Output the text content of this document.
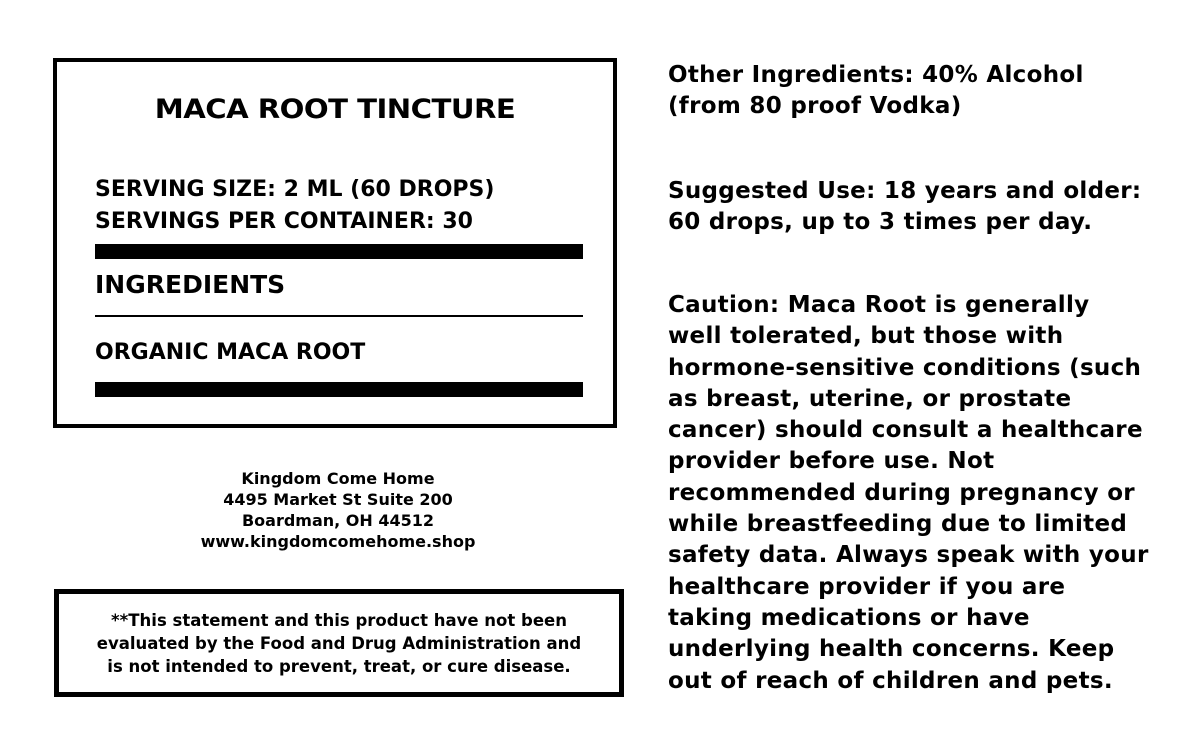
MACA ROOT TINCTURE
SERVING SIZE: 2 ML (60 DROPS)
SERVINGS PER CONTAINER: 30
INGREDIENTS
ORGANIC MACA ROOT
Kingdom Come Home
4495 Market St Suite 200
Boardman, OH 44512
www.kingdomcomehome.shop
**This statement and this product have not been
evaluated by the Food and Drug Administration and
is not intended to prevent, treat, or cure disease.

Other Ingredients: 40% Alcohol
(from 80 proof Vodka)

Suggested Use: 18 years and older:
60 drops, up to 3 times per day.

Caution: Maca Root is generally
well tolerated, but those with
hormone-sensitive conditions (such
as breast, uterine, or prostate
cancer) should consult a healthcare
provider before use. Not
recommended during pregnancy or
while breastfeeding due to limited
safety data. Always speak with your
healthcare provider if you are
taking medications or have
underlying health concerns. Keep
out of reach of children and pets.
